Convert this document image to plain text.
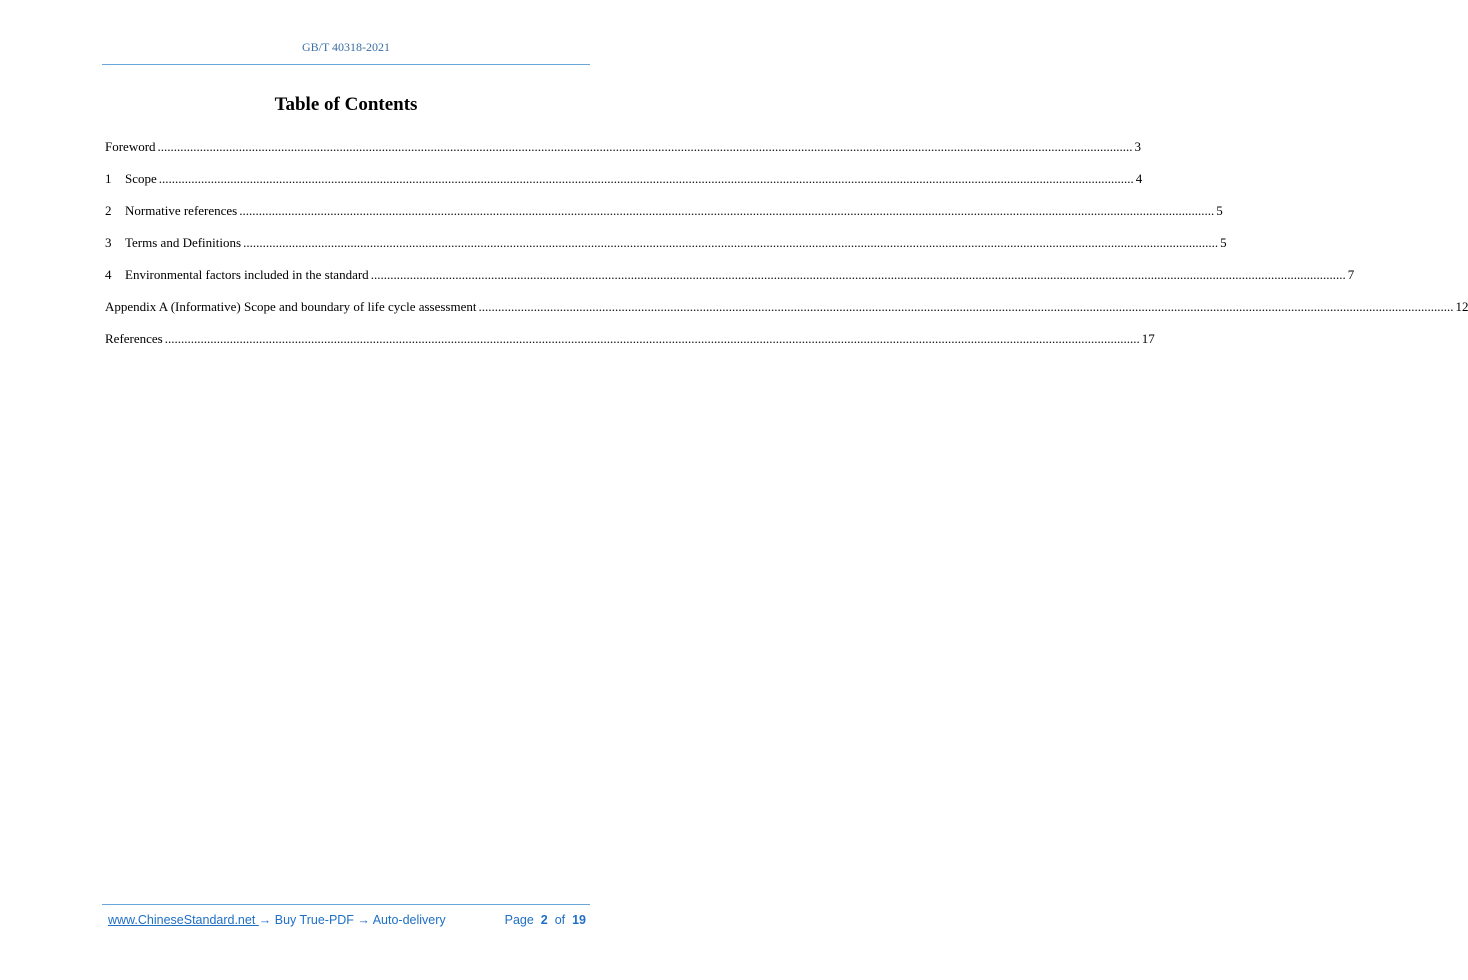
GB/T 40318-2021
Table of Contents
Foreword ............................................................................................................................................................................................................................................................................................................ 3
1	Scope ............................................................................................................................................................................................................................................................................................................ 4
2	Normative references ............................................................................................................................................................................................................................................................................................................ 5
3	Terms and Definitions ............................................................................................................................................................................................................................................................................................................ 5
4	Environmental factors included in the standard ............................................................................................................................................................................................................................................................................................................ 7
Appendix A (Informative) Scope and boundary of life cycle assessment ............................................................................................................................................................................................................................................................................................................ 12
References ............................................................................................................................................................................................................................................................................................................ 17
www.ChineseStandard.net → Buy True-PDF → Auto-delivery	Page 2 of 19
